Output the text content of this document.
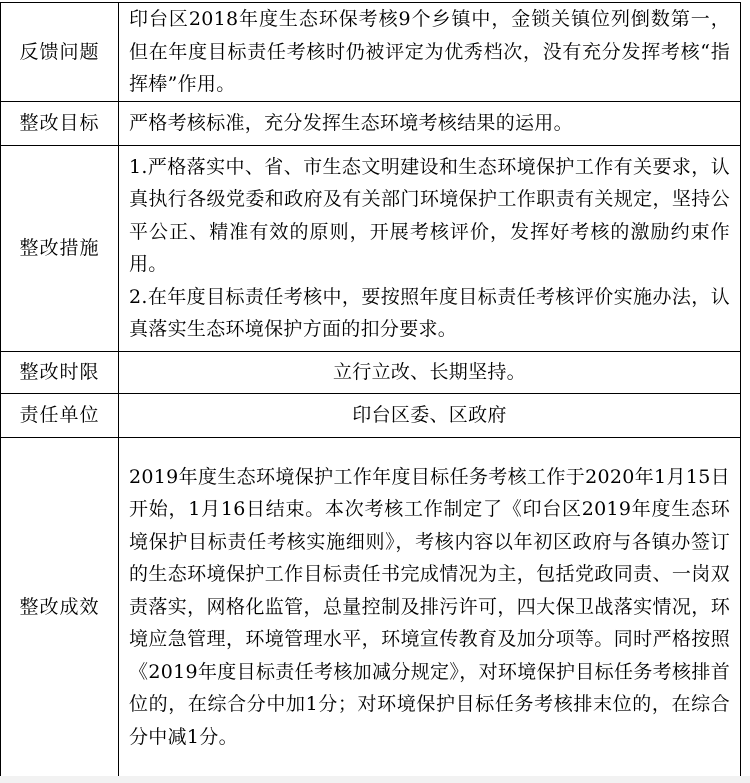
反馈问题	印台区2018年度生态环保考核9个乡镇中，金锁关镇位列倒数第一，但在年度目标责任考核时仍被评定为优秀档次，没有充分发挥考核“指挥棒”作用。
整改目标	严格考核标准，充分发挥生态环境考核结果的运用。
整改措施	1.严格落实中、省、市生态文明建设和生态环境保护工作有关要求，认真执行各级党委和政府及有关部门环境保护工作职责有关规定，坚持公平公正、精准有效的原则，开展考核评价，发挥好考核的激励约束作用。
2.在年度目标责任考核中，要按照年度目标责任考核评价实施办法，认真落实生态环境保护方面的扣分要求。

整改时限	立行立改、长期坚持。
责任单位	印台区委、区政府
整改成效	2019年度生态环境保护工作年度目标任务考核工作于2020年1月15日开始，1月16日结束。本次考核工作制定了《印台区2019年度生态环境保护目标责任考核实施细则》，考核内容以年初区政府与各镇办签订的生态环境保护工作目标责任书完成情况为主，包括党政同责、一岗双责落实，网格化监管，总量控制及排污许可，四大保卫战落实情况，环境应急管理，环境管理水平，环境宣传教育及加分项等。同时严格按照《2019年度目标责任考核加减分规定》，对环境保护目标任务考核排首位的，在综合分中加1分；对环境保护目标任务考核排末位的，在综合分中减1分。
